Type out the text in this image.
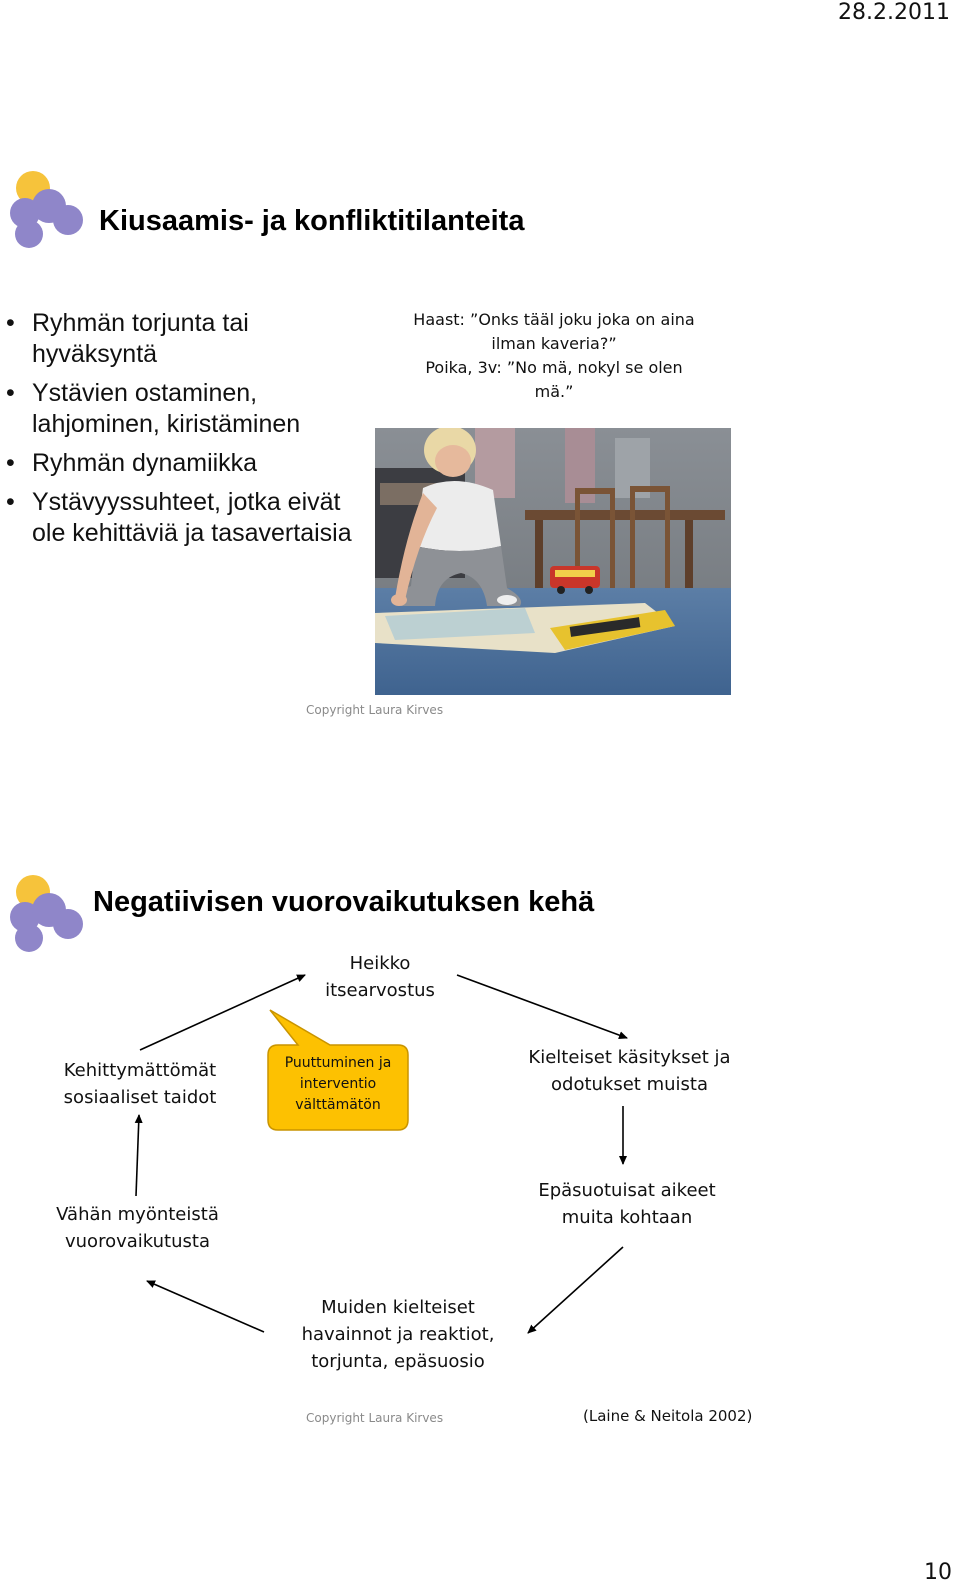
28.2.2011
Kiusaamis- ja konfliktitilanteita
• Ryhmän torjunta tai hyväksyntä
• Ystävien ostaminen, lahjominen, kiristäminen
• Ryhmän dynamiikka
• Ystävyyssuhteet, jotka eivät ole kehittäviä ja tasavertaisia
Haast: ”Onks tääl joku joka on aina
ilman kaveria?”
Poika, 3v: ”No mä, nokyl se olen
mä.”
Copyright Laura Kirves
Negatiivisen vuorovaikutuksen kehä
Heikko
itsearvostus
Kielteiset käsitykset ja
odotukset muista
Epäsuotuisat aikeet
muita kohtaan
Muiden kielteiset
havainnot ja reaktiot,
torjunta, epäsuosio
Vähän myönteistä
vuorovaikutusta
Kehittymättömät
sosiaaliset taidot
Puuttuminen ja
interventio
välttämätön
Copyright Laura Kirves	(Laine & Neitola 2002)
10
